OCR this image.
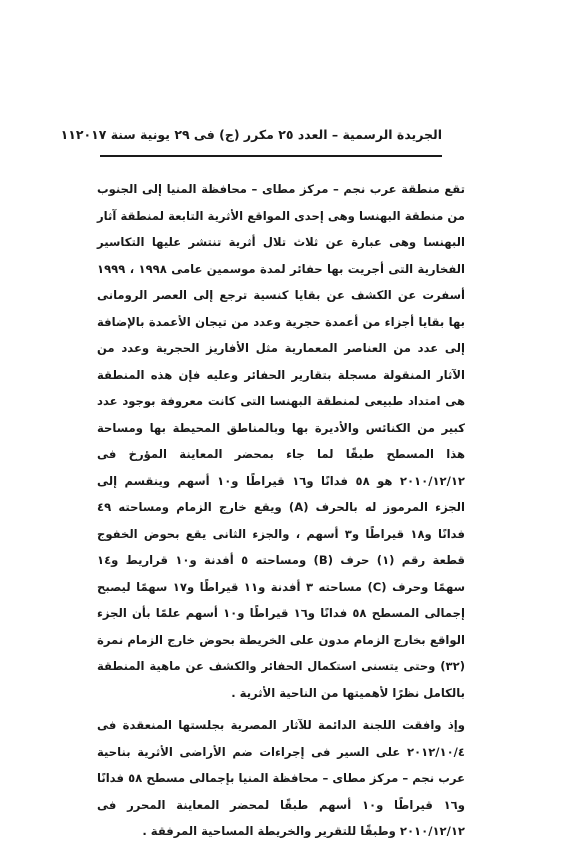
الجريدة الرسمية – العدد ٢٥ مكرر (ج) فى ٢٩ يونية سنة ٢٠١٧
١١

تقع منطقة عرب نجم – مركز مطاى – محافظة المنيا إلى الجنوب من منطقة البهنسا وهى إحدى المواقع الأثرية التابعة لمنطقة آثار البهنسا وهى عبارة عن ثلاث تلال أثرية تنتشر عليها التكاسير الفخارية التى أجريت بها حفائر لمدة موسمين عامى ١٩٩٨ ، ١٩٩٩ أسفرت عن الكشف عن بقايا كنسية ترجع إلى العصر الرومانى بها بقايا أجزاء من أعمدة حجرية وعدد من تيجان الأعمدة بالإضافة إلى عدد من العناصر المعمارية مثل الأفاريز الحجرية وعدد من الآثار المنقولة مسجلة بتقارير الحفائر وعليه فإن هذه المنطقة هى امتداد طبيعى لمنطقة البهنسا التى كانت معروفة بوجود عدد كبير من الكنائس والأديرة بها وبالمناطق المحيطة بها ومساحة هذا المسطح طبقًا لما جاء بمحضر المعاينة المؤرخ فى ٢٠١٠/١٢/١٢ هو ٥٨ فدانًا و١٦ قيراطًا و١٠ أسهم وينقسم إلى الجزء المرموز له بالحرف (A) ويقع خارج الزمام ومساحته ٤٩ فدانًا و١٨ قيراطًا و٣ أسهم ، والجزء الثانى يقع بحوض الخفوج قطعة رقم (١) حرف (B) ومساحته ٥ أفدنة و١٠ قراريط و١٤ سهمًا وحرف (C) مساحته ٣ أفدنة و١١ قيراطًا و١٧ سهمًا ليصبح إجمالى المسطح ٥٨ فدانًا و١٦ قيراطًا و١٠ أسهم علمًا بأن الجزء الواقع بخارج الزمام مدون على الخريطة بحوض خارج الزمام نمرة (٣٢) وحتى يتسنى استكمال الحفائر والكشف عن ماهية المنطقة بالكامل نظرًا لأهميتها من الناحية الأثرية .

وإذ وافقت اللجنة الدائمة للآثار المصرية بجلستها المنعقدة فى ٢٠١٢/١٠/٤ على السير فى إجراءات ضم الأراضى الأثرية بناحية عرب نجم – مركز مطاى – محافظة المنيا بإجمالى مسطح ٥٨ فدانًا و١٦ قيراطًا و١٠ أسهم طبقًا لمحضر المعاينة المحرر فى ٢٠١٠/١٢/١٢ وطبقًا للتقرير والخريطة المساحية المرفقة .
